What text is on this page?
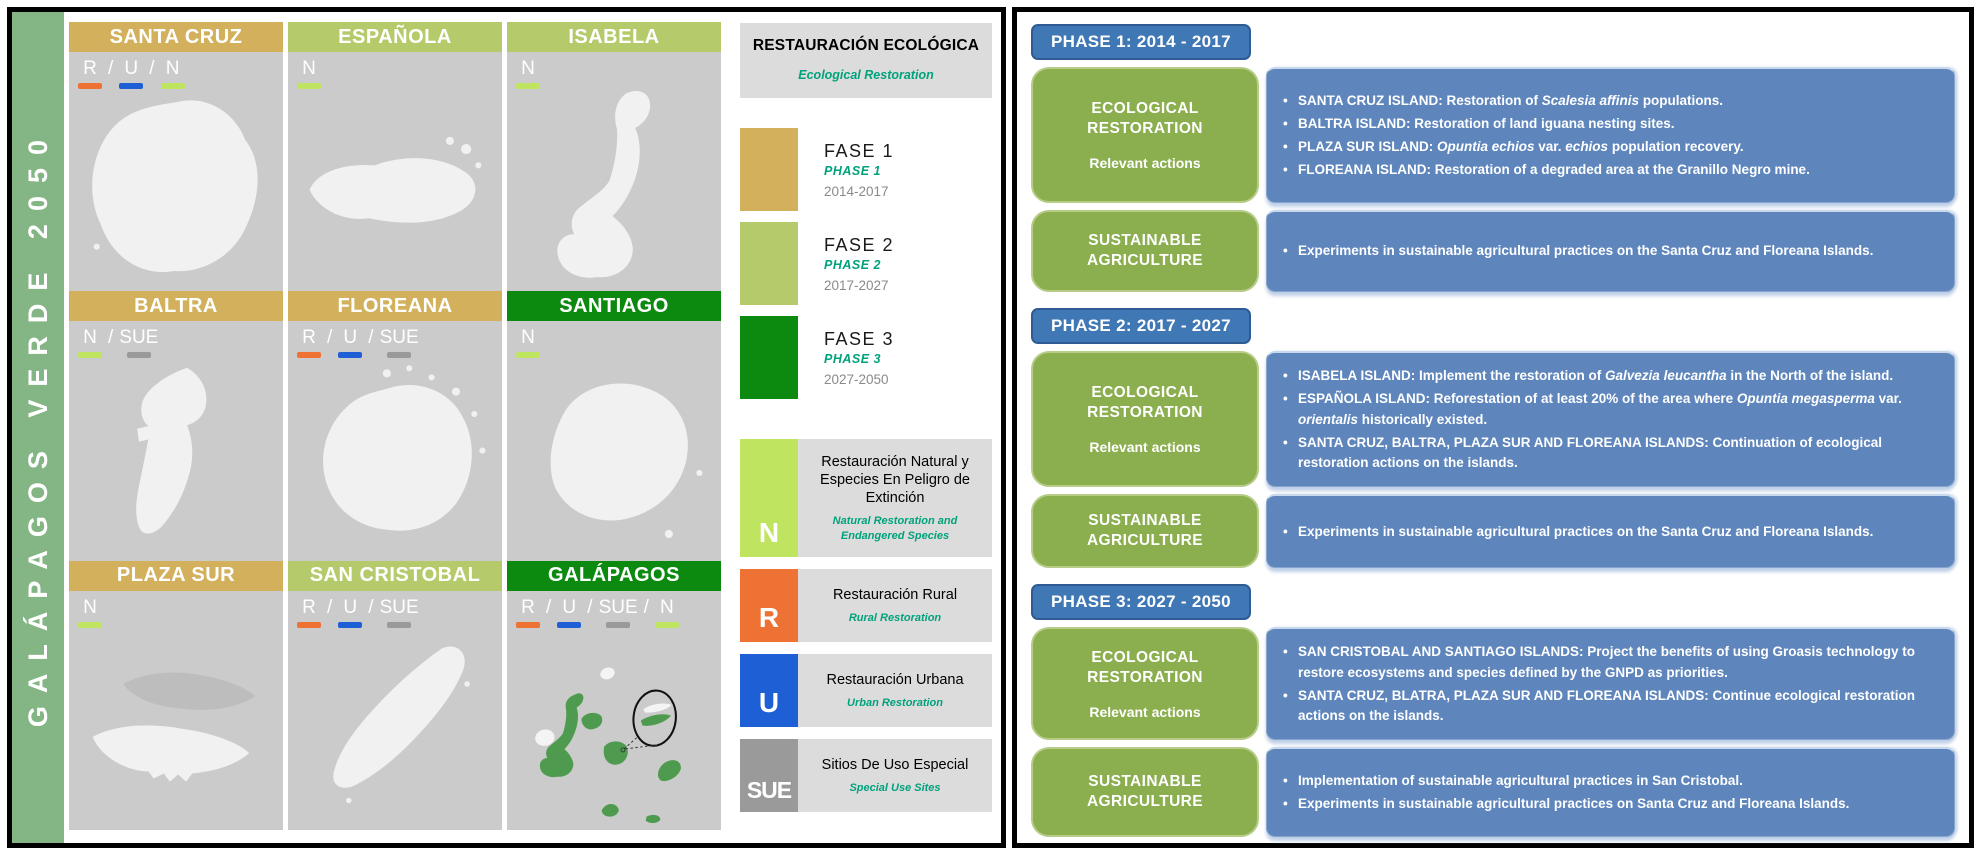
GALÁPAGOS VERDE 2050
SANTA CRUZ
R / U / N
ESPAÑOLA
N
ISABELA
N
BALTRA
N / SUE
FLOREANA
R / U / SUE
SANTIAGO
N
PLAZA SUR
N
SAN CRISTOBAL
R / U / SUE
GALÁPAGOS
R / U / SUE / N
RESTAURACIÓN ECOLÓGICA
Ecological Restoration
FASE 1
PHASE 1
2014-2017
FASE 2
PHASE 2
2017-2027
FASE 3
PHASE 3
2027-2050
N
Restauración Natural y Especies En Peligro de Extinción
Natural Restoration and Endangered Species
R
Restauración Rural
Rural Restoration
U
Restauración Urbana
Urban Restoration
SUE
Sitios De Uso Especial
Special Use Sites
PHASE 1: 2014 - 2017
ECOLOGICAL RESTORATION
Relevant actions
• SANTA CRUZ ISLAND: Restoration of Scalesia affinis populations.
• BALTRA ISLAND: Restoration of land iguana nesting sites.
• PLAZA SUR ISLAND: Opuntia echios var. echios population recovery.
• FLOREANA ISLAND: Restoration of a degraded area at the Granillo Negro mine.
SUSTAINABLE AGRICULTURE
• Experiments in sustainable agricultural practices on the Santa Cruz and Floreana Islands.
PHASE 2: 2017 - 2027
ECOLOGICAL RESTORATION
Relevant actions
• ISABELA ISLAND: Implement the restoration of Galvezia leucantha in the North of the island.
• ESPAÑOLA ISLAND: Reforestation of at least 20% of the area where Opuntia megasperma var. orientalis historically existed.
• SANTA CRUZ, BALTRA, PLAZA SUR AND FLOREANA ISLANDS: Continuation of ecological restoration actions on the islands.
SUSTAINABLE AGRICULTURE
• Experiments in sustainable agricultural practices on the Santa Cruz and Floreana Islands.
PHASE 3: 2027 - 2050
ECOLOGICAL RESTORATION
Relevant actions
• SAN CRISTOBAL AND SANTIAGO ISLANDS: Project the benefits of using Groasis technology to restore ecosystems and species defined by the GNPD as priorities.
• SANTA CRUZ, BLATRA, PLAZA SUR AND FLOREANA ISLANDS: Continue ecological restoration actions on the islands.
SUSTAINABLE AGRICULTURE
• Implementation of sustainable agricultural practices in San Cristobal.
• Experiments in sustainable agricultural practices on Santa Cruz and Floreana Islands.
